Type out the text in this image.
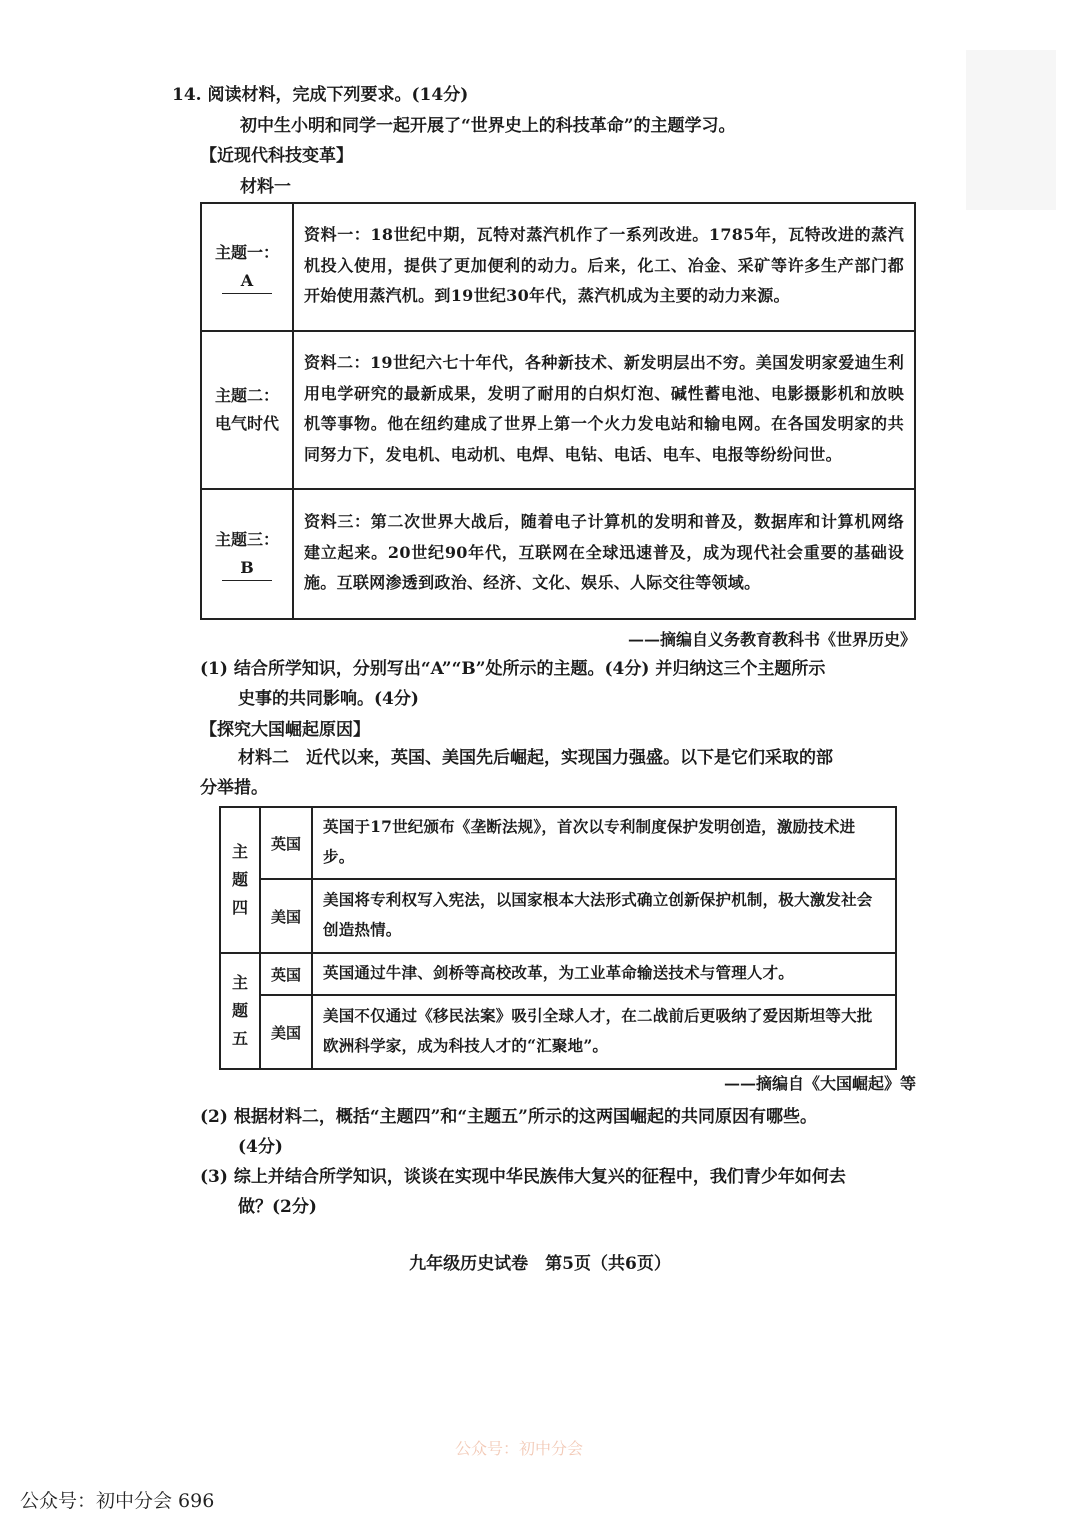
14. 阅读材料，完成下列要求。(14分)
初中生小明和同学一起开展了“世界史上的科技革命”的主题学习。
【近现代科技变革】
材料一
主题一：
A	资料一：18世纪中期，瓦特对蒸汽机作了一系列改进。1785年，瓦特改进的蒸汽机投入使用，提供了更加便利的动力。后来，化工、冶金、采矿等许多生产部门都开始使用蒸汽机。到19世纪30年代，蒸汽机成为主要的动力来源。

主题二：
电气时代	资料二：19世纪六七十年代，各种新技术、新发明层出不穷。美国发明家爱迪生利用电学研究的最新成果，发明了耐用的白炽灯泡、碱性蓄电池、电影摄影机和放映机等事物。他在纽约建成了世界上第一个火力发电站和输电网。在各国发明家的共同努力下，发电机、电动机、电焊、电钻、电话、电车、电报等纷纷问世。

主题三：
B	资料三：第二次世界大战后，随着电子计算机的发明和普及，数据库和计算机网络建立起来。20世纪90年代，互联网在全球迅速普及，成为现代社会重要的基础设施。互联网渗透到政治、经济、文化、娱乐、人际交往等领域。
——摘编自义务教育教科书《世界历史》
(1) 结合所学知识，分别写出“A”“B”处所示的主题。(4分) 并归纳这三个主题所示
史事的共同影响。(4分)
【探究大国崛起原因】
材料二　近代以来，英国、美国先后崛起，实现国力强盛。以下是它们采取的部
分举措。
主题四	英国	英国于17世纪颁布《垄断法规》，首次以专利制度保护发明创造，激励技术进步。
	美国	美国将专利权写入宪法，以国家根本大法形式确立创新保护机制，极大激发社会创造热情。

主题五	英国	英国通过牛津、剑桥等高校改革，为工业革命输送技术与管理人才。
	美国	美国不仅通过《移民法案》吸引全球人才，在二战前后更吸纳了爱因斯坦等大批欧洲科学家，成为科技人才的“汇聚地”。
——摘编自《大国崛起》等
(2) 根据材料二，概括“主题四”和“主题五”所示的这两国崛起的共同原因有哪些。
(4分)
(3) 综上并结合所学知识，谈谈在实现中华民族伟大复兴的征程中，我们青少年如何去
做？(2分)
九年级历史试卷　第5页（共6页）
公众号：初中分会
公众号：初中分会 696
